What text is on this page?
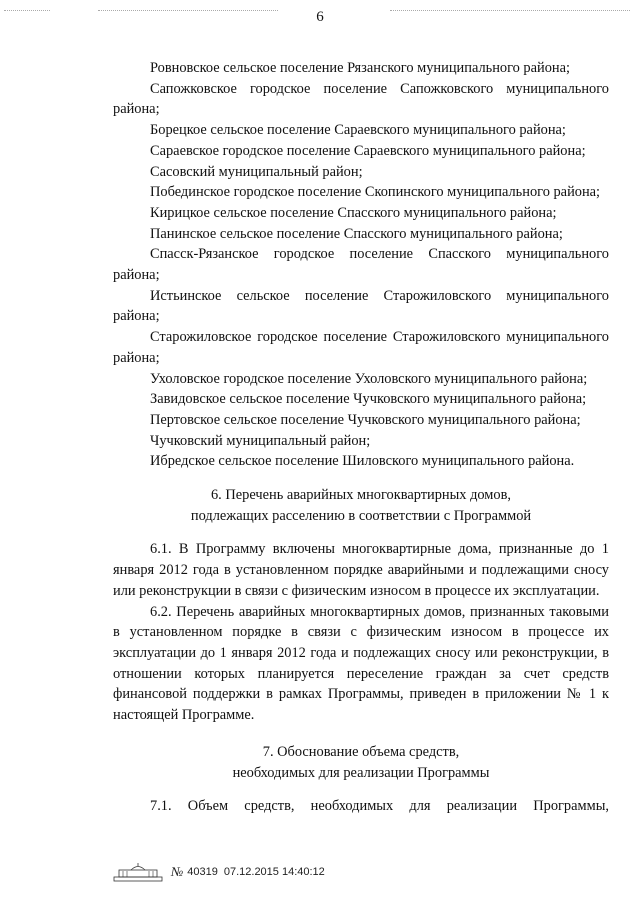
6
Ровновское сельское поселение Рязанского муниципального района;
Сапожковское городское поселение Сапожковского муниципального района;
Борецкое сельское поселение Сараевского муниципального района;
Сараевское городское поселение Сараевского муниципального района;
Сасовский муниципальный район;
Побединское городское поселение Скопинского муниципального района;
Кирицкое сельское поселение Спасского муниципального района;
Панинское сельское поселение Спасского муниципального района;
Спасск-Рязанское городское поселение Спасского муниципального района;
Истьинское сельское поселение Старожиловского муниципального района;
Старожиловское городское поселение Старожиловского муниципального района;
Ухоловское городское поселение Ухоловского муниципального района;
Завидовское сельское поселение Чучковского муниципального района;
Пертовское сельское поселение Чучковского муниципального района;
Чучковский муниципальный район;
Ибредское сельское поселение Шиловского муниципального района.
6. Перечень аварийных многоквартирных домов,
подлежащих расселению в соответствии с Программой
6.1. В Программу включены многоквартирные дома, признанные до 1 января 2012 года в установленном порядке аварийными и подлежащими сносу или реконструкции в связи с физическим износом в процессе их эксплуатации.
6.2. Перечень аварийных многоквартирных домов, признанных таковыми в установленном порядке в связи с физическим износом в процессе их эксплуатации до 1 января 2012 года и подлежащих сносу или реконструкции, в отношении которых планируется переселение граждан за счет средств финансовой поддержки в рамках Программы, приведен в приложении № 1 к настоящей Программе.
7. Обоснование объема средств,
необходимых для реализации Программы
7.1. Объем средств, необходимых для реализации Программы,
№ 40319 07.12.2015 14:40:12
